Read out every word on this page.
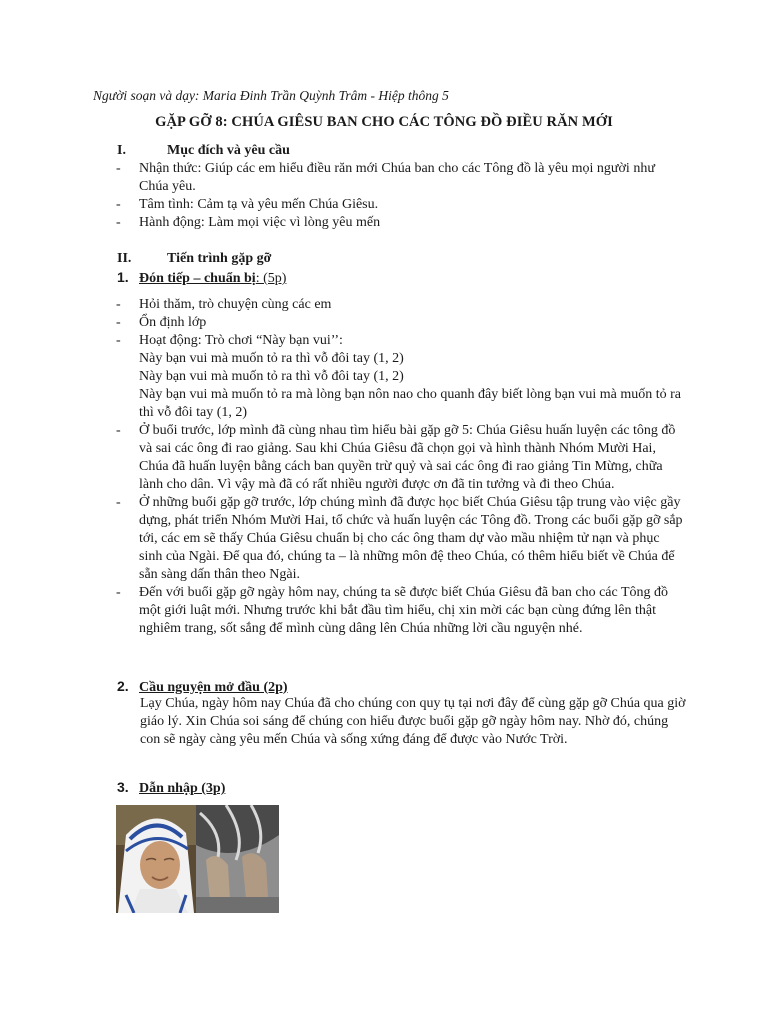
Người soạn và dạy: Maria Đinh Trần Quỳnh Trâm - Hiệp thông 5
GẶP GỠ 8: CHÚA GIÊSU BAN CHO CÁC TÔNG ĐỒ ĐIỀU RĂN MỚI
I.	Mục đích và yêu cầu
- Nhận thức: Giúp các em hiểu điều răn mới Chúa ban cho các Tông đồ là yêu mọi người như Chúa yêu.
- Tâm tình: Cảm tạ và yêu mến Chúa Giêsu.
- Hành động: Làm mọi việc vì lòng yêu mến
II.	Tiến trình gặp gỡ
1. Đón tiếp – chuẩn bị: (5p)
- Hỏi thăm, trò chuyện cùng các em
- Ổn định lớp
- Hoạt động: Trò chơi “Này bạn vui’’:
Này bạn vui mà muốn tỏ ra thì vỗ đôi tay (1, 2)
Này bạn vui mà muốn tỏ ra thì vỗ đôi tay (1, 2)
Này bạn vui mà muốn tỏ ra mà lòng bạn nôn nao cho quanh đây biết lòng bạn vui mà muốn tỏ ra thì vỗ đôi tay (1, 2)
- Ở buổi trước, lớp mình đã cùng nhau tìm hiểu bài gặp gỡ 5: Chúa Giêsu huấn luyện các tông đồ và sai các ông đi rao giảng. Sau khi Chúa Giêsu đã chọn gọi và hình thành Nhóm Mười Hai, Chúa đã huấn luyện bằng cách ban quyền trừ quỷ và sai các ông đi rao giảng Tin Mừng, chữa lành cho dân. Vì vậy mà đã có rất nhiều người được ơn đã tin tưởng và đi theo Chúa.
- Ở những buổi gặp gỡ trước, lớp chúng mình đã được học biết Chúa Giêsu tập trung vào việc gầy dựng, phát triển Nhóm Mười Hai, tổ chức và huấn luyện các Tông đồ. Trong các buổi gặp gỡ sắp tới, các em sẽ thấy Chúa Giêsu chuẩn bị cho các ông tham dự vào mầu nhiệm tử nạn và phục sinh của Ngài. Để qua đó, chúng ta – là những môn đệ theo Chúa, có thêm hiểu biết về Chúa để sẵn sàng dấn thân theo Ngài.
- Đến với buổi gặp gỡ ngày hôm nay, chúng ta sẽ được biết Chúa Giêsu đã ban cho các Tông đồ một giới luật mới. Nhưng trước khi bắt đầu tìm hiểu, chị xin mời các bạn cùng đứng lên thật nghiêm trang, sốt sắng để mình cùng dâng lên Chúa những lời cầu nguyện nhé.
2. Cầu nguyện mở đầu (2p)
Lạy Chúa, ngày hôm nay Chúa đã cho chúng con quy tụ tại nơi đây để cùng gặp gỡ Chúa qua giờ giáo lý. Xin Chúa soi sáng để chúng con hiểu được buổi gặp gỡ ngày hôm nay. Nhờ đó, chúng con sẽ ngày càng yêu mến Chúa và sống xứng đáng để được vào Nước Trời.
3. Dẫn nhập (3p)
